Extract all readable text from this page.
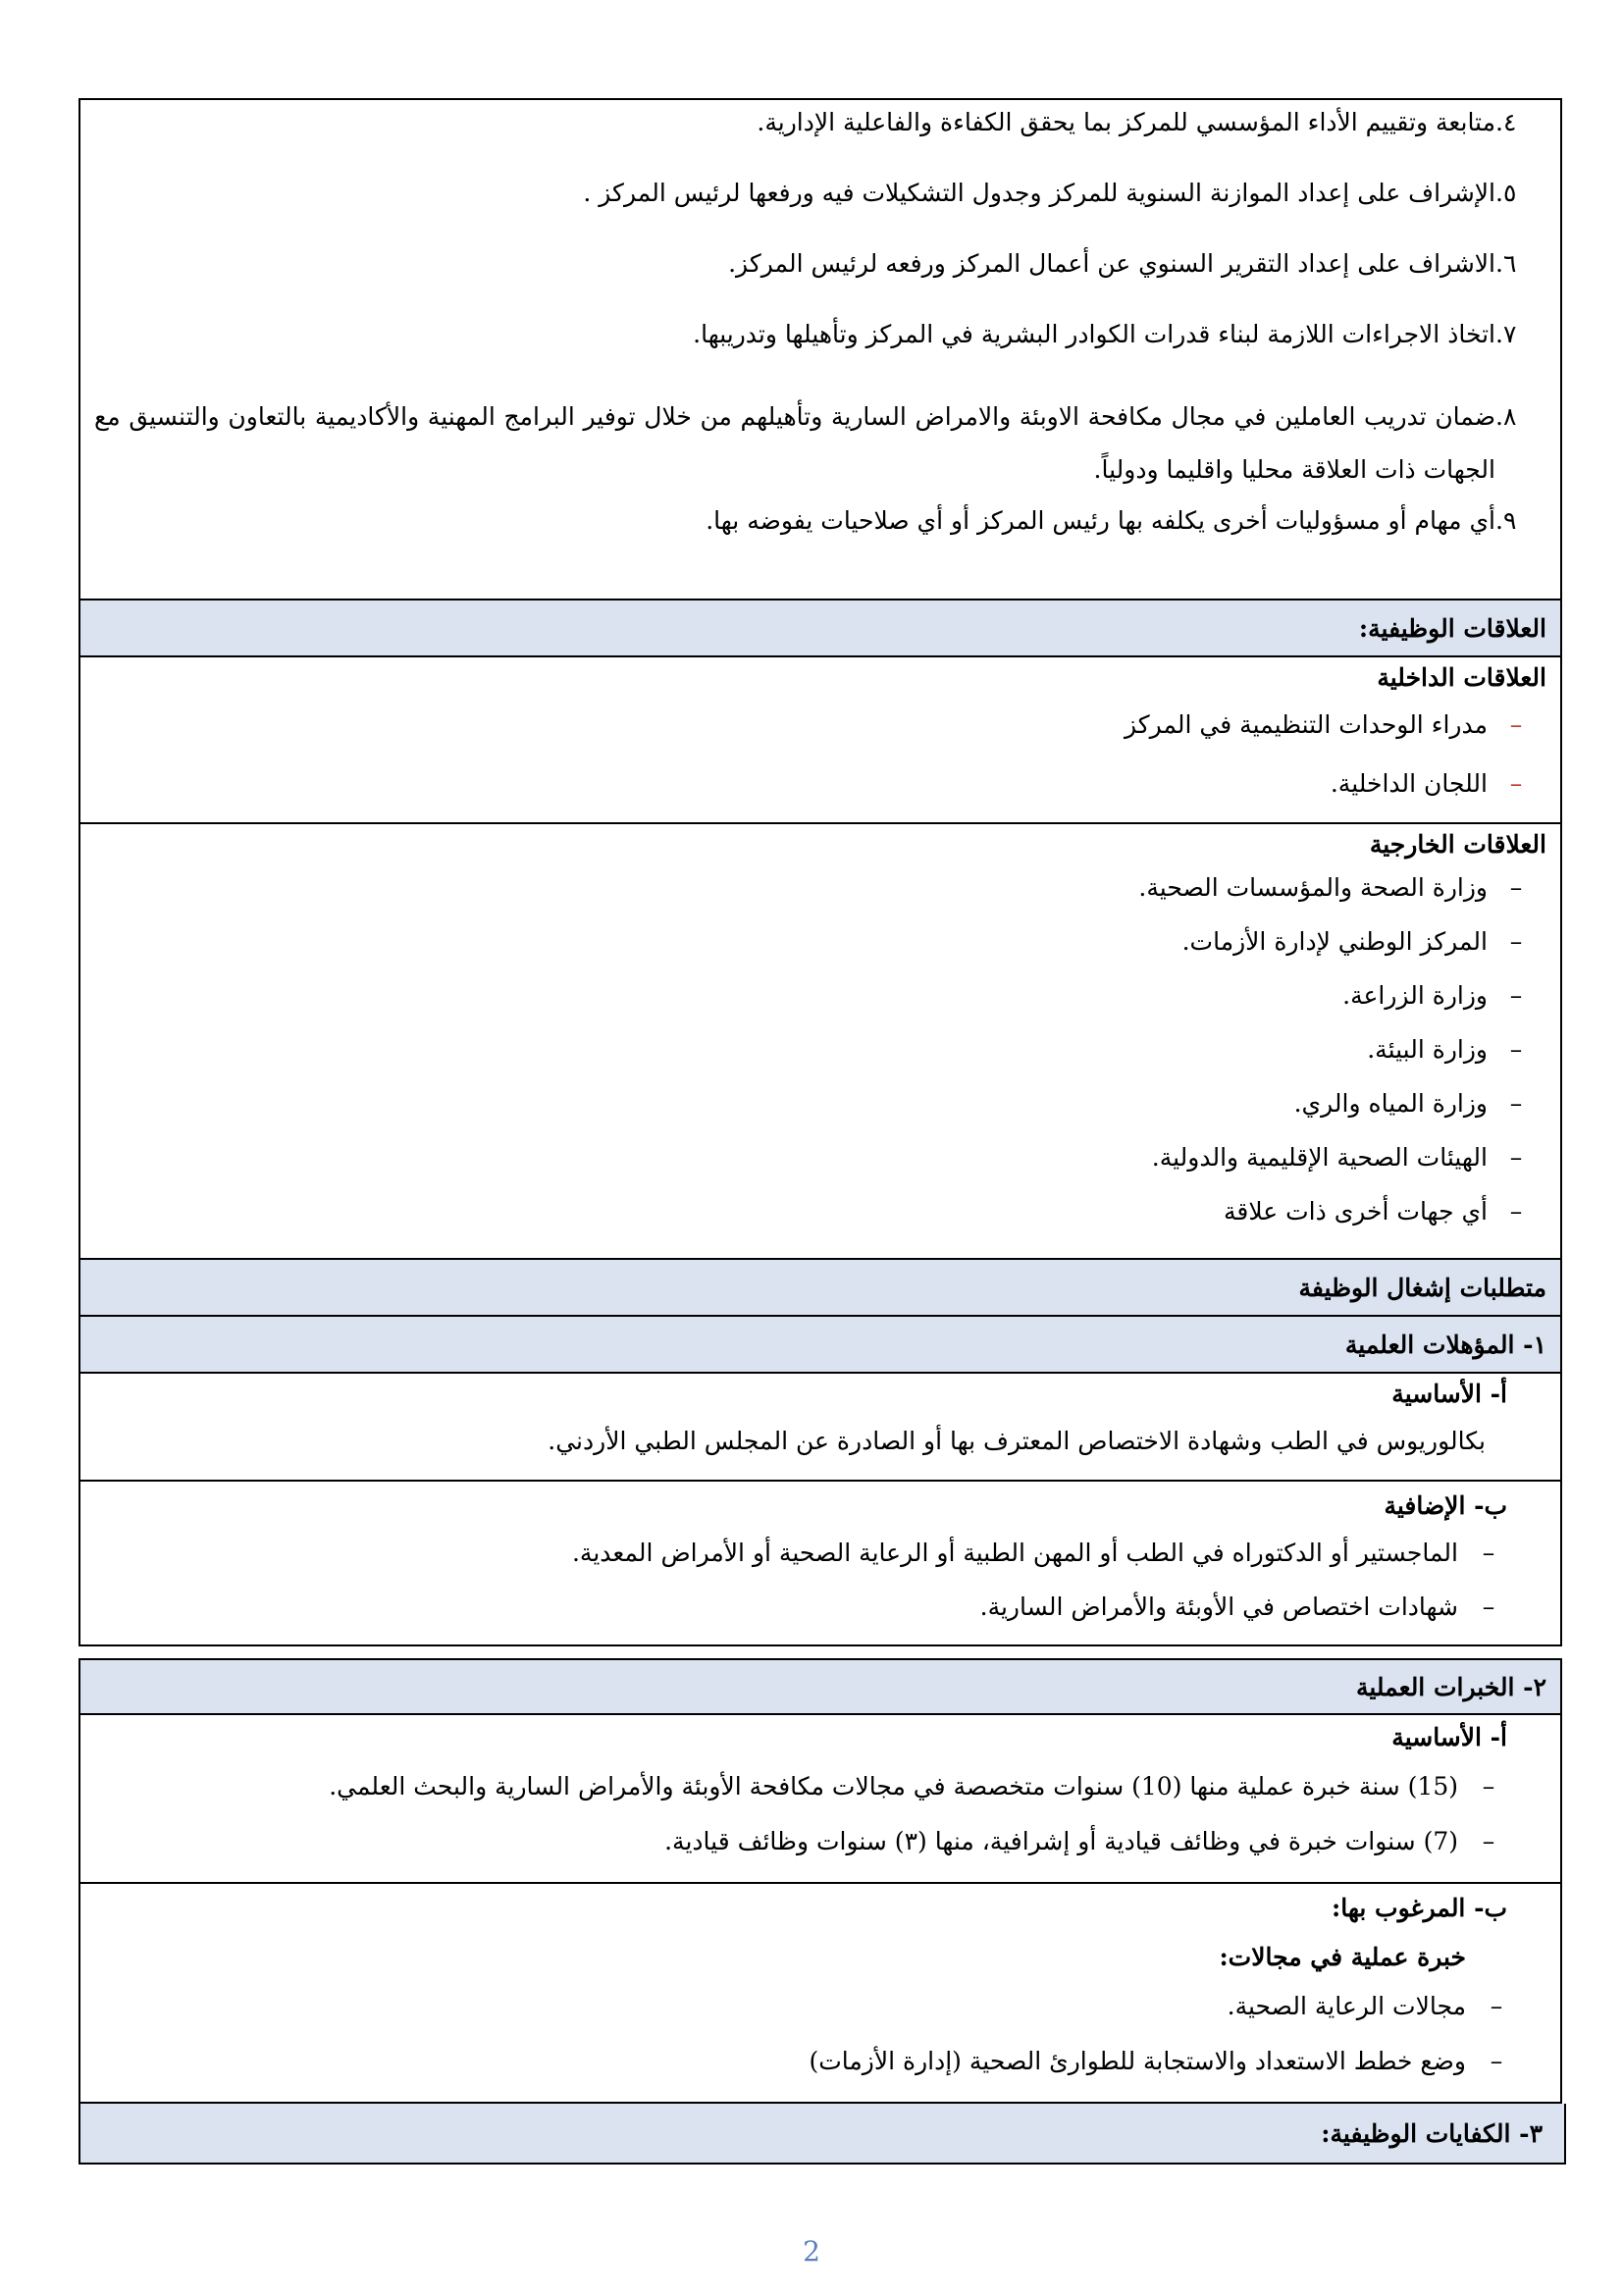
٤.
متابعة وتقييم الأداء المؤسسي للمركز بما يحقق الكفاءة والفاعلية الإدارية.
٥.
الإشراف على إعداد الموازنة السنوية للمركز وجدول التشكيلات فيه ورفعها لرئيس المركز .
٦.
الاشراف على إعداد التقرير السنوي عن أعمال المركز ورفعه لرئيس المركز.
٧.
اتخاذ الاجراءات اللازمة لبناء قدرات الكوادر البشرية في المركز وتأهيلها وتدريبها.
٨.
ضمان تدريب العاملين في مجال مكافحة الاوبئة والامراض السارية وتأهيلهم من خلال توفير البرامج المهنية والأكاديمية بالتعاون والتنسيق مع الجهات ذات العلاقة محليا واقليما ودولياً.
٩.
أي مهام أو مسؤوليات أخرى يكلفه بها رئيس المركز أو أي صلاحيات يفوضه بها.
العلاقات الوظيفية:
العلاقات الداخلية
–
مدراء الوحدات التنظيمية في المركز
–
اللجان الداخلية.
العلاقات الخارجية
–
وزارة الصحة والمؤسسات الصحية.
–
المركز الوطني لإدارة الأزمات.
–
وزارة الزراعة.
–
وزارة البيئة.
–
وزارة المياه والري.
–
الهيئات الصحية الإقليمية والدولية.
–
أي جهات أخرى ذات علاقة
متطلبات إشغال الوظيفة
١- المؤهلات العلمية
أ- الأساسية
بكالوريوس في الطب وشهادة الاختصاص المعترف بها أو الصادرة عن المجلس الطبي الأردني.
ب- الإضافية
–
الماجستير أو الدكتوراه في الطب أو المهن الطبية أو الرعاية الصحية أو الأمراض المعدية.
–
شهادات اختصاص في الأوبئة والأمراض السارية.
٢- الخبرات العملية
أ- الأساسية
–
(15) سنة خبرة عملية منها (10) سنوات متخصصة في مجالات مكافحة الأوبئة والأمراض السارية والبحث العلمي.
–
(7) سنوات خبرة في وظائف قيادية أو إشرافية، منها (٣) سنوات وظائف قيادية.
ب- المرغوب بها:
خبرة عملية في مجالات:
–
مجالات الرعاية الصحية.
–
وضع خطط الاستعداد والاستجابة للطوارئ الصحية (إدارة الأزمات)
٣- الكفايات الوظيفية:
2
